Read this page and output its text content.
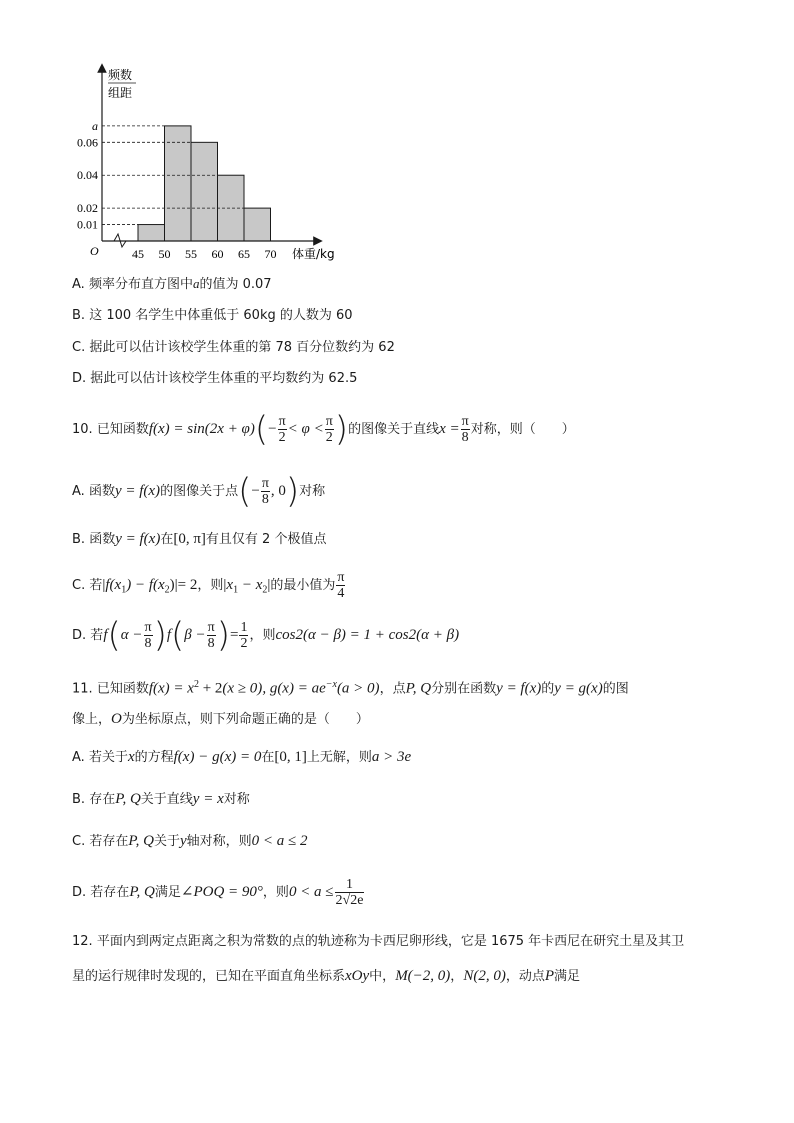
频数
组距
体重/kg
O
a
0.06
0.04
0.02
0.01
45 50 55 60 65 70
A. 频率分布直方图中a的值为 0.07
B. 这 100 名学生中体重低于 60kg 的人数为 60
C. 据此可以估计该校学生体重的第 78 百分位数约为 62
D. 据此可以估计该校学生体重的平均数约为 62.5
10. 已知函数$f(x) = \sin(2x + \varphi)(- \frac{\pi}{2} < \varphi < \frac{\pi}{2}$ )的图像关于直线$x = \frac{\pi}{8}$ 对称，则（　　）
A. 函数y = f(x)的图像关于点(− $\frac{\pi}{8}$ , 0)对称
B. 函数y = f(x)在[0, π]有且仅有 2 个极值点
C. 若$|f(x_1) - f(x_2)|= 2$，则$|x_1 - x_2|$的最小值为 $\frac{\pi}{4}$
D. 若$f(\alpha - \frac{\pi}{8} )f(\beta - \frac{\pi}{8}$ )= $\frac{1}{2}$ ，则cos2(α − β) = 1 + cos2(α + β)
11. 已知函数$f(x) = x^2 + 2(x \ge 0)$, $g(x) = ae^{-x}(a > 0)$，点P, Q分别在函数y = f(x)的y = g(x)的图
像上，O为坐标原点，则下列命题正确的是（　　）
A. 若关于x的方程f(x) − g(x) = 0在[0, 1]上无解，则a > 3e
B. 存在P, Q关于直线y = x对称
C. 若存在P, Q关于y轴对称，则0 < a ≤ 2
D. 若存在P, Q满足∠POQ = 90°，则$0 < a \le \frac{1}{2√2e}$
12. 平面内到两定点距离之积为常数的点的轨迹称为卡西尼卵形线，它是 1675 年卡西尼在研究土星及其卫
星的运行规律时发现的，已知在平面直角坐标系xOy中，M(−2, 0)，N(2, 0)，动点P满足
